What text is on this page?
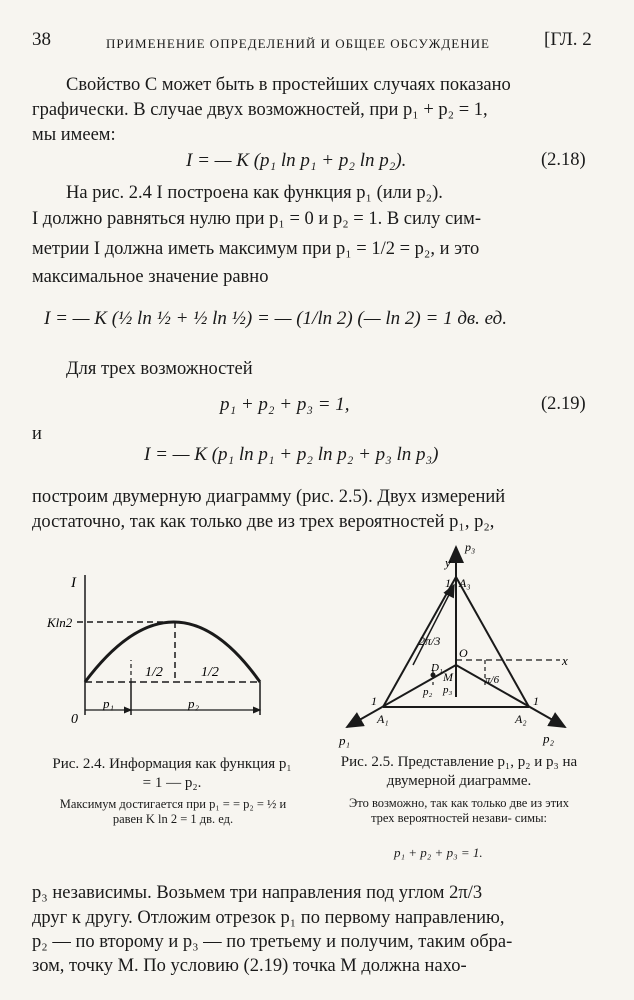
38	ПРИМЕНЕНИЕ ОПРЕДЕЛЕНИЙ И ОБЩЕЕ ОБСУЖДЕНИЕ	[ГЛ. 2
Свойство C может быть в простейших случаях показано
графически. В случае двух возможностей, при p₁ + p₂ = 1,
мы имеем:
I = — K (p₁ ln p₁ + p₂ ln p₂).	(2.18)
На рис. 2.4 I построена как функция p₁ (или p₂).
I должно равняться нулю при p₁ = 0 и p₂ = 1. В силу сим-
метрии I должна иметь максимум при p₁ = 1/2 = p₂, и это
максимальное значение равно
I = — K (½ ln ½ + ½ ln ½) = — (1/ln 2) (— ln 2) = 1 дв. ед.
Для трех возможностей
p₁ + p₂ + p₃ = 1,	(2.19)
и
I = — K (p₁ ln p₁ + p₂ ln p₂ + p₃ ln p₃)
построим двумерную диаграмму (рис. 2.5). Двух измерений
достаточно, так как только две из трех вероятностей p₁, p₂,
I
Kln2
0
1/2	1/2
p₁	p₂
Рис. 2.4. Информация как функция p₁ = 1 — p₂.
Максимум достигается при p₁ = = p₂ = ½ и равен K ln 2 = 1 дв. ед.
p₃
y
A₃
1
2π/3
O	x
D₁
M
p₂ p₃
π/6
1	1
A₁	A₂
p₁	p₂
Рис. 2.5. Представление p₁, p₂ и p₃ на двумерной диаграмме.
Это возможно, так как только две из этих трех вероятностей незави- симы:
p₁ + p₂ + p₃ = 1.
p₃ независимы. Возьмем три направления под углом 2π/3
друг к другу. Отложим отрезок p₁ по первому направлению,
p₂ — по второму и p₃ — по третьему и получим, таким обра-
зом, точку M. По условию (2.19) точка M должна нахо-
